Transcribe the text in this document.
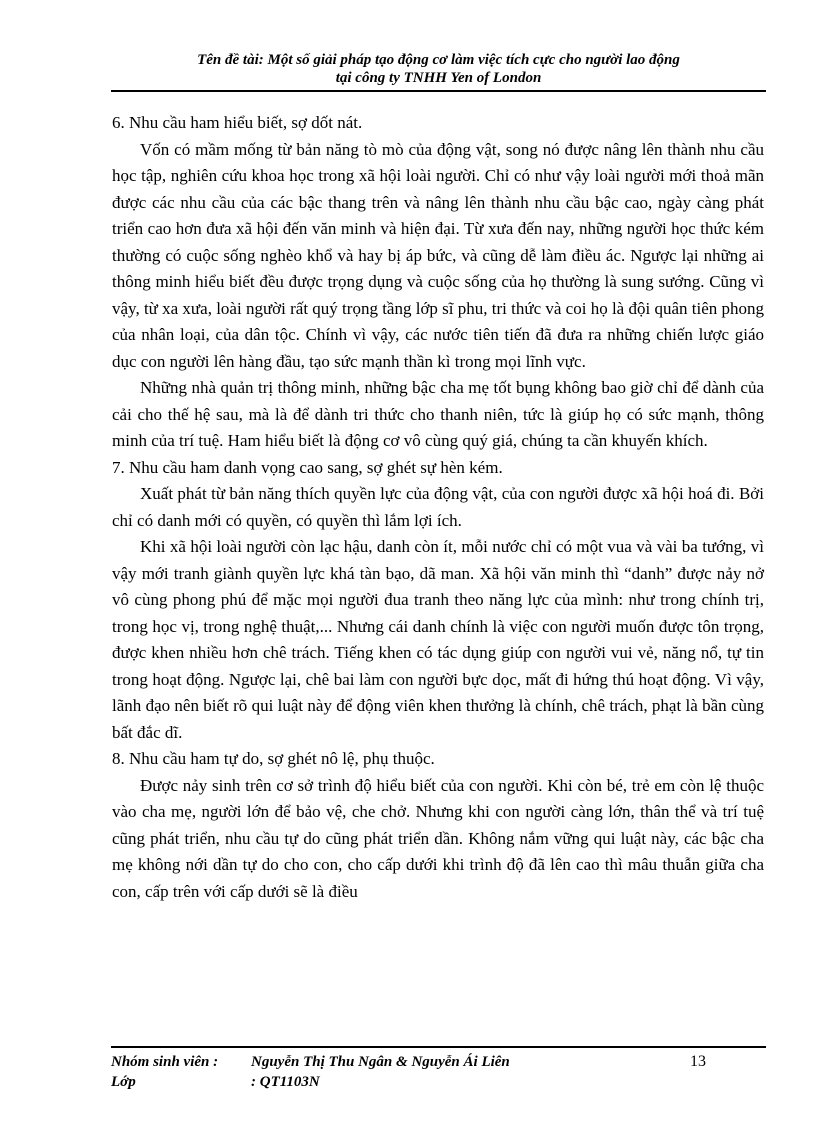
Tên đề tài: Một số giải pháp tạo động cơ làm việc tích cực cho người lao động
tại công ty TNHH Yen of London

6. Nhu cầu ham hiểu biết, sợ dốt nát.

Vốn có mầm mống từ bản năng tò mò của động vật, song nó được nâng lên thành nhu cầu học tập, nghiên cứu khoa học trong xã hội loài người. Chỉ có như vậy loài người mới thoả mãn được các nhu cầu của các bậc thang trên và nâng lên thành nhu cầu bậc cao, ngày càng phát triển cao hơn đưa xã hội đến văn minh và hiện đại. Từ xưa đến nay, những người học thức kém thường có cuộc sống nghèo khổ và hay bị áp bức, và cũng dễ làm điều ác. Ngược lại những ai thông minh hiểu biết đều được trọng dụng và cuộc sống của họ thường là sung sướng. Cũng vì vậy, từ xa xưa, loài người rất quý trọng tầng lớp sĩ phu, tri thức và coi họ là đội quân tiên phong của nhân loại, của dân tộc. Chính vì vậy, các nước tiên tiến đã đưa ra những chiến lược giáo dục con người lên hàng đầu, tạo sức mạnh thần kì trong mọi lĩnh vực.

Những nhà quản trị thông minh, những bậc cha mẹ tốt bụng không bao giờ chỉ để dành của cải cho thế hệ sau, mà là để dành tri thức cho thanh niên, tức là giúp họ có sức mạnh, thông minh của trí tuệ. Ham hiểu biết là động cơ vô cùng quý giá, chúng ta cần khuyến khích.

7. Nhu cầu ham danh vọng cao sang, sợ ghét sự hèn kém.

Xuất phát từ bản năng thích quyền lực của động vật, của con người được xã hội hoá đi. Bởi chỉ có danh mới có quyền, có quyền thì lắm lợi ích.

Khi xã hội loài người còn lạc hậu, danh còn ít, mỗi nước chỉ có một vua và vài ba tướng, vì vậy mới tranh giành quyền lực khá tàn bạo, dã man. Xã hội văn minh thì “danh” được nảy nở vô cùng phong phú để mặc mọi người đua tranh theo năng lực của mình: như trong chính trị, trong học vị, trong nghệ thuật,... Nhưng cái danh chính là việc con người muốn được tôn trọng, được khen nhiều hơn chê trách. Tiếng khen có tác dụng giúp con người vui vẻ, năng nổ, tự tin trong hoạt động. Ngược lại, chê bai làm con người bực dọc, mất đi hứng thú hoạt động. Vì vậy, lãnh đạo nên biết rõ qui luật này để động viên khen thưởng là chính, chê trách, phạt là bần cùng bất đắc dĩ.

8. Nhu cầu ham tự do, sợ ghét nô lệ, phụ thuộc.

Được nảy sinh trên cơ sở trình độ hiểu biết của con người. Khi còn bé, trẻ em còn lệ thuộc vào cha mẹ, người lớn để bảo vệ, che chở. Nhưng khi con người càng lớn, thân thể và trí tuệ cũng phát triển, nhu cầu tự do cũng phát triển dần. Không nắm vững qui luật này, các bậc cha mẹ không nới dần tự do cho con, cho cấp dưới khi trình độ đã lên cao thì mâu thuẫn giữa cha con, cấp trên với cấp dưới sẽ là điều

Nhóm sinh viên :	Nguyễn Thị Thu Ngân & Nguyễn Ái Liên
Lớp	: QT1103N
13
